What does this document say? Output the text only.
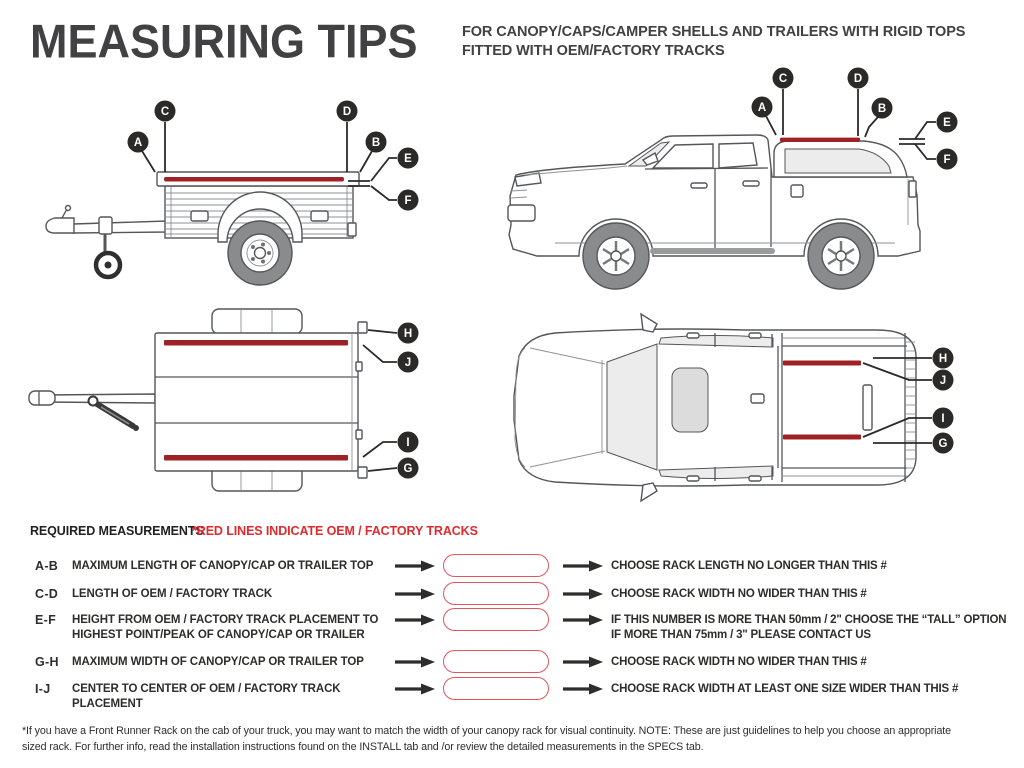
MEASURING TIPS	FOR CANOPY/CAPS/CAMPER SHELLS AND TRAILERS WITH RIGID TOPS
FITTED WITH OEM/FACTORY TRACKS
A
C	D
B
E
F
C	D
A	B
E
F
H
J
I
G
H
J
I
G
REQUIRED MEASUREMENTS
*RED LINES INDICATE OEM / FACTORY TRACKS
A-B MAXIMUM LENGTH OF CANOPY/CAP OR TRAILER TOP	CHOOSE RACK LENGTH NO LONGER THAN THIS #
C-D LENGTH OF OEM / FACTORY TRACK	CHOOSE RACK WIDTH NO WIDER THAN THIS #
E-F HEIGHT FROM OEM / FACTORY TRACK PLACEMENT TO
HIGHEST POINT/PEAK OF CANOPY/CAP OR TRAILER
IF THIS NUMBER IS MORE THAN 50mm / 2" CHOOSE THE “TALL” OPTION
IF MORE THAN 75mm / 3" PLEASE CONTACT US
G-H MAXIMUM WIDTH OF CANOPY/CAP OR TRAILER TOP	CHOOSE RACK WIDTH NO WIDER THAN THIS #
I-J CENTER TO CENTER OF OEM / FACTORY TRACK PLACEMENT
CHOOSE RACK WIDTH AT LEAST ONE SIZE WIDER THAN THIS #
*If you have a Front Runner Rack on the cab of your truck, you may want to match the width of your canopy rack for visual continuity. NOTE: These are just guidelines to help you choose an appropriate
sized rack. For further info, read the installation instructions found on the INSTALL tab and /or review the detailed measurements in the SPECS tab.
